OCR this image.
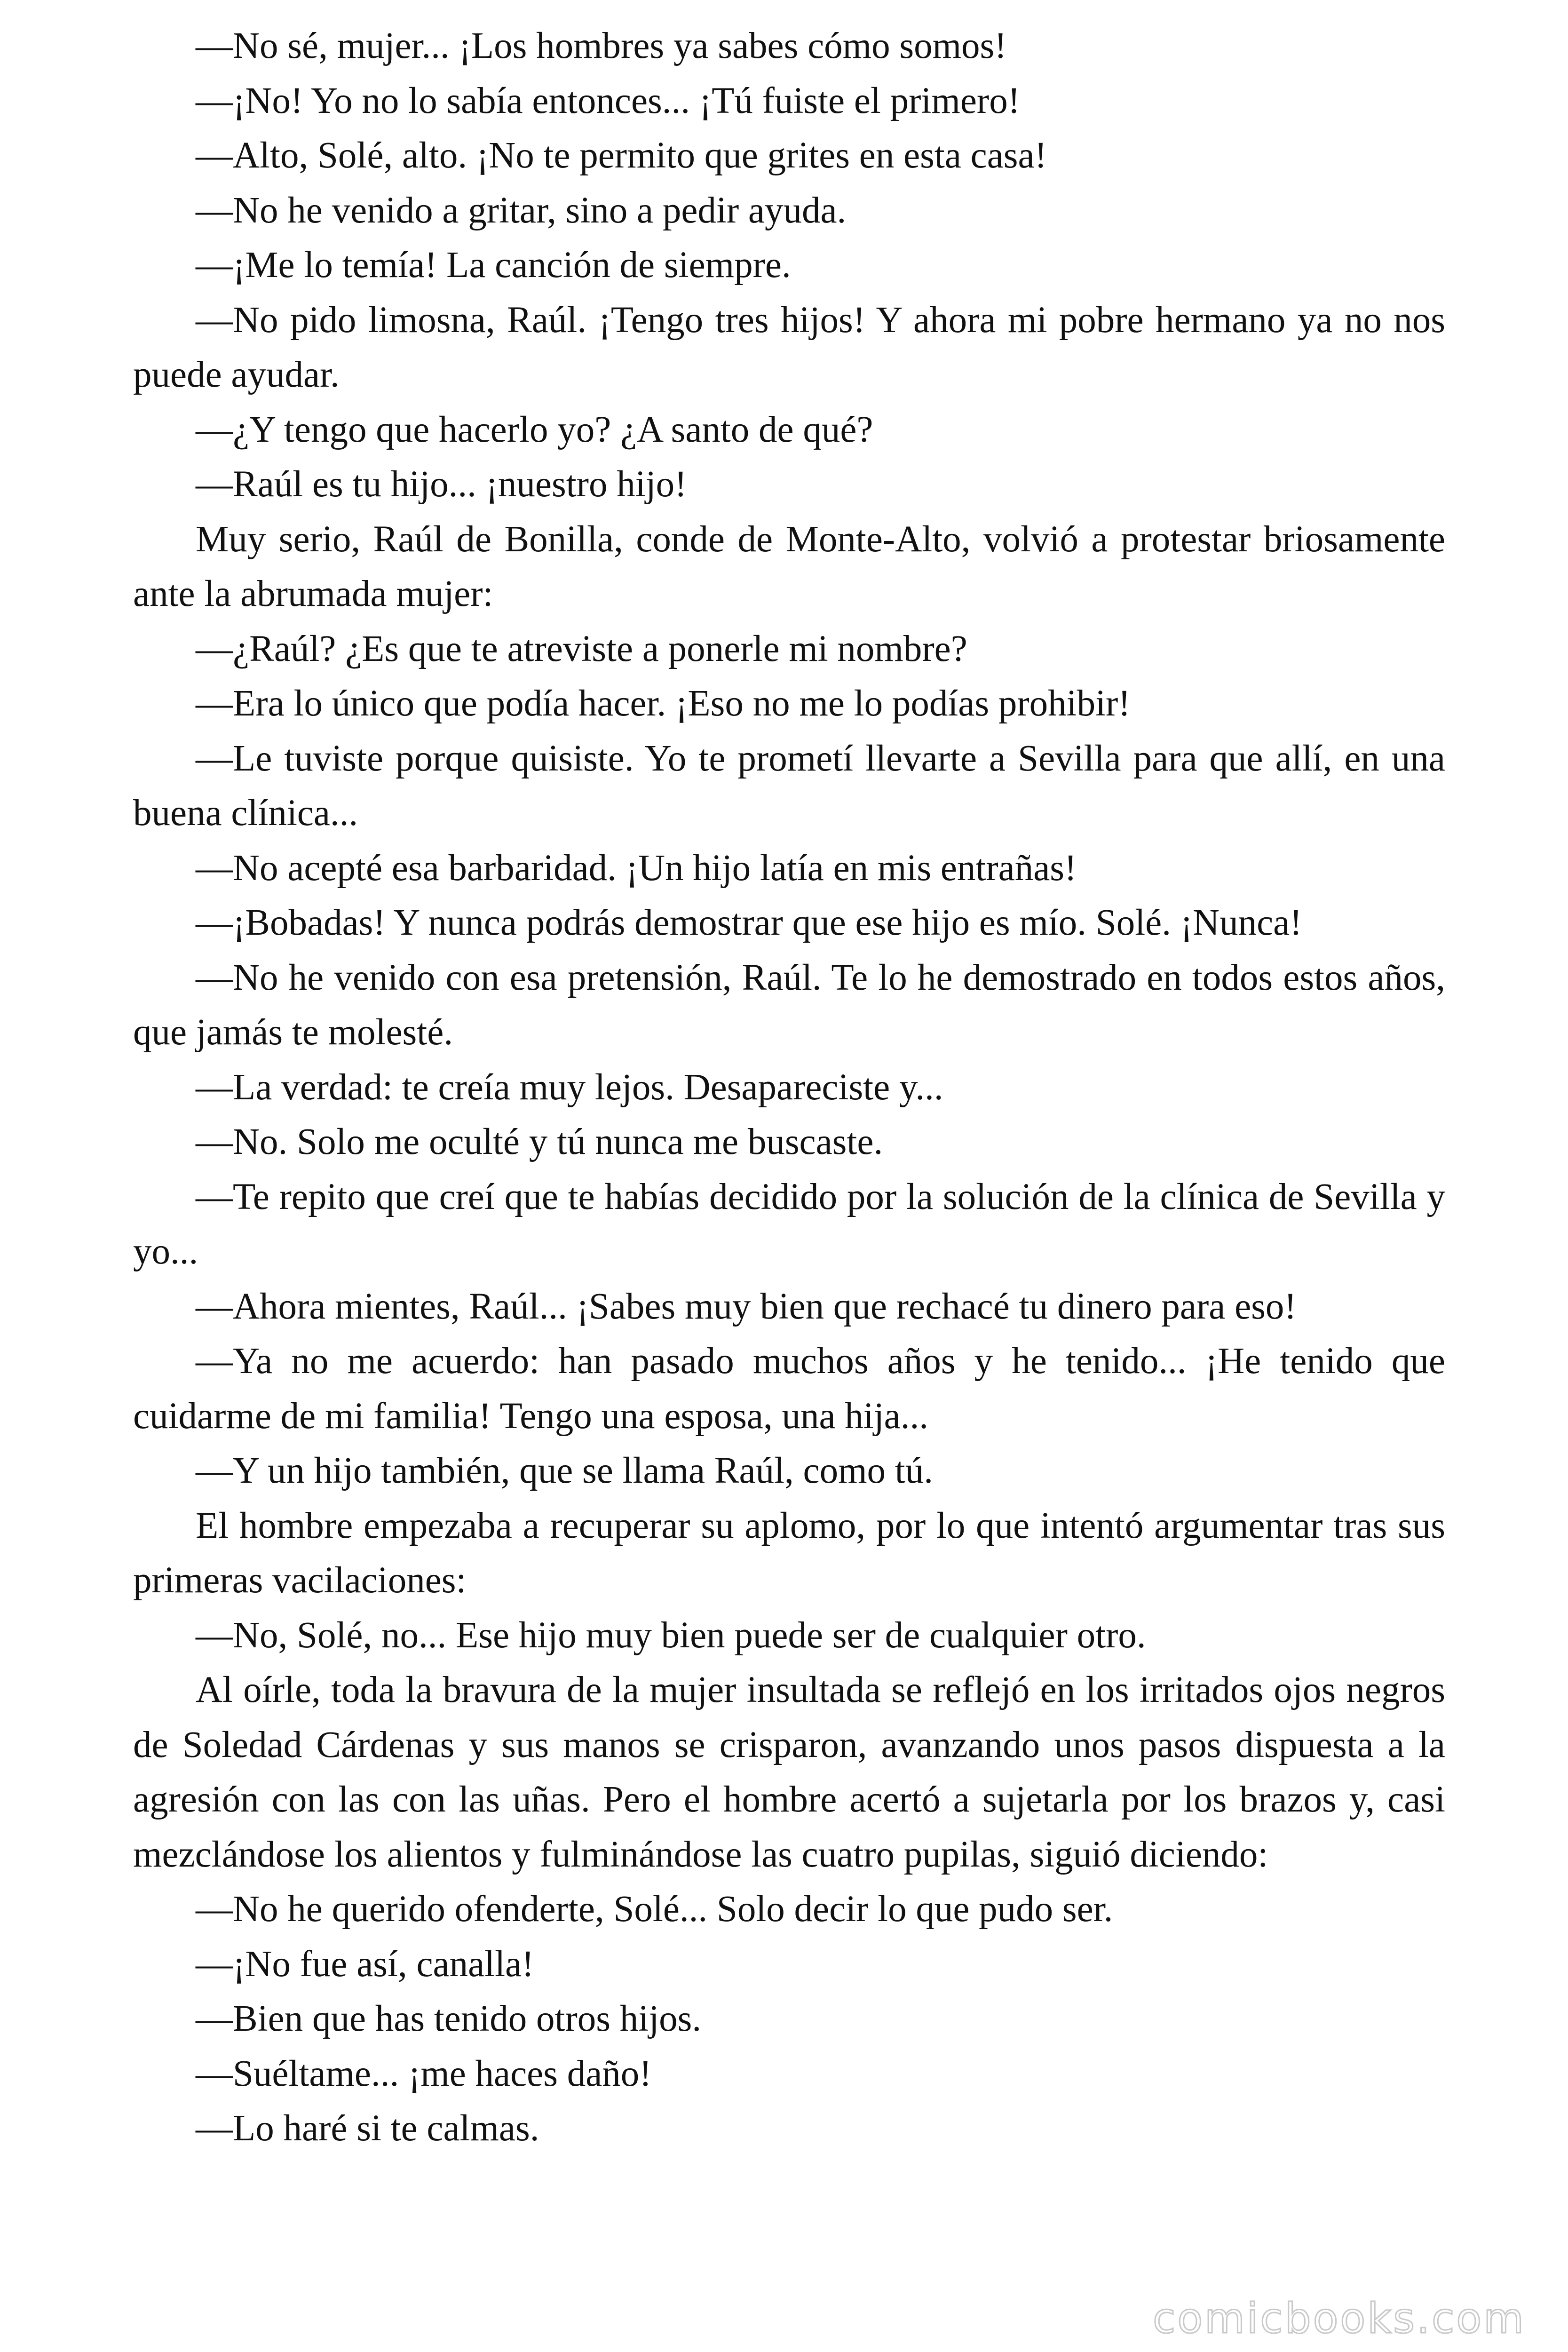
—No sé, mujer... ¡Los hombres ya sabes cómo somos!

—¡No! Yo no lo sabía entonces... ¡Tú fuiste el primero!

—Alto, Solé, alto. ¡No te permito que grites en esta casa!

—No he venido a gritar, sino a pedir ayuda.

—¡Me lo temía! La canción de siempre.

—No pido limosna, Raúl. ¡Tengo tres hijos! Y ahora mi pobre hermano ya no nos puede ayudar.

—¿Y tengo que hacerlo yo? ¿A santo de qué?

—Raúl es tu hijo... ¡nuestro hijo!

Muy serio, Raúl de Bonilla, conde de Monte-Alto, volvió a protestar briosamente ante la abrumada mujer:

—¿Raúl? ¿Es que te atreviste a ponerle mi nombre?

—Era lo único que podía hacer. ¡Eso no me lo podías prohibir!

—Le tuviste porque quisiste. Yo te prometí llevarte a Sevilla para que allí, en una buena clínica...

—No acepté esa barbaridad. ¡Un hijo latía en mis entrañas!

—¡Bobadas! Y nunca podrás demostrar que ese hijo es mío. Solé. ¡Nunca!

—No he venido con esa pretensión, Raúl. Te lo he demostrado en todos estos años, que jamás te molesté.

—La verdad: te creía muy lejos. Desapareciste y...

—No. Solo me oculté y tú nunca me buscaste.

—Te repito que creí que te habías decidido por la solución de la clínica de Sevilla y yo...

—Ahora mientes, Raúl... ¡Sabes muy bien que rechacé tu dinero para eso!

—Ya no me acuerdo: han pasado muchos años y he tenido... ¡He tenido que cuidarme de mi familia! Tengo una esposa, una hija...

—Y un hijo también, que se llama Raúl, como tú.

El hombre empezaba a recuperar su aplomo, por lo que intentó argumentar tras sus primeras vacilaciones:

—No, Solé, no... Ese hijo muy bien puede ser de cualquier otro.

Al oírle, toda la bravura de la mujer insultada se reflejó en los irritados ojos negros de Soledad Cárdenas y sus manos se crisparon, avanzando unos pasos dispuesta a la agresión con las con las uñas. Pero el hombre acertó a sujetarla por los brazos y, casi mezclándose los alientos y fulminándose las cuatro pupilas, siguió diciendo:

—No he querido ofenderte, Solé... Solo decir lo que pudo ser.

—¡No fue así, canalla!

—Bien que has tenido otros hijos.

—Suéltame... ¡me haces daño!

—Lo haré si te calmas.

comicbooks.com
